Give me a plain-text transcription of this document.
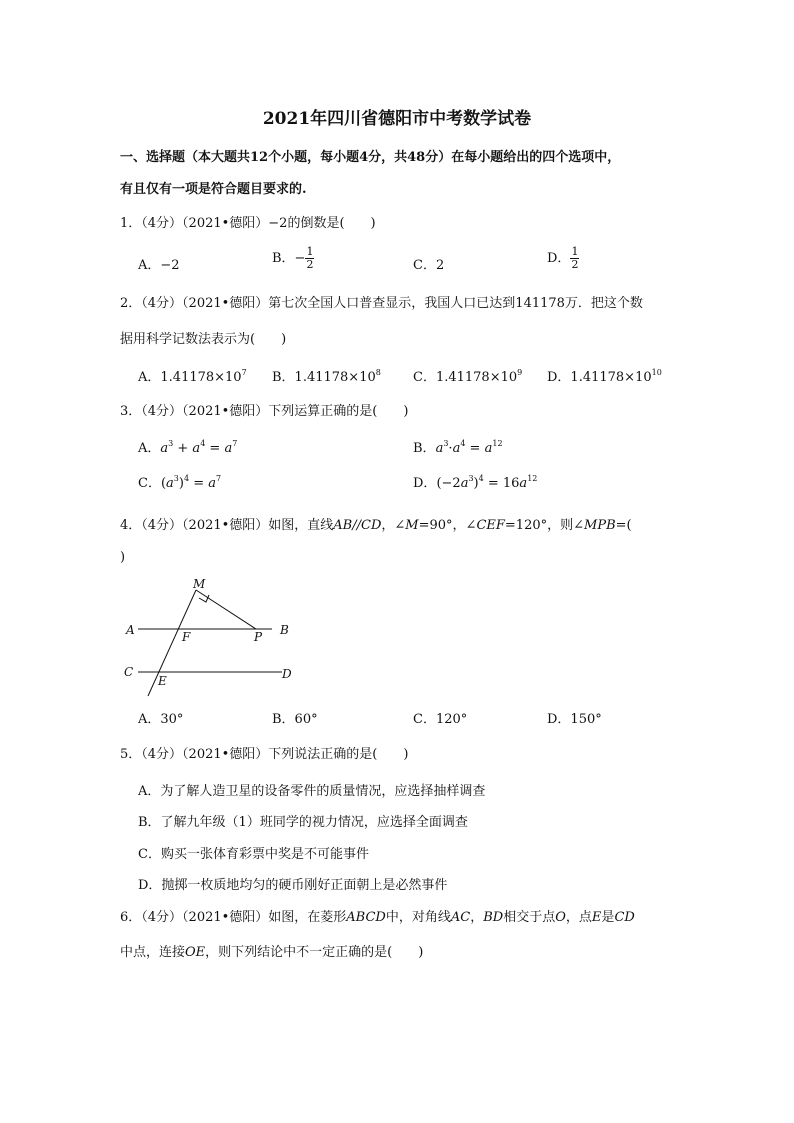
2021年四川省德阳市中考数学试卷
一、选择题（本大题共12个小题，每小题4分，共48分）在每小题给出的四个选项中，
有且仅有一项是符合题目要求的.
1．（4分）（2021•德阳）−2的倒数是(　　)
A．−2	B．− $\frac{1}{2}$	C．2	D． $\frac{1}{2}$
2．（4分）（2021•德阳）第七次全国人口普查显示，我国人口已达到141178万．把这个数
据用科学记数法表示为(　　)
A．$1.41178\times 10^7$ B．$1.41178\times 10^8$ C．$1.41178\times 10^9$ D．$1.41178\times 10^{10}$
3．（4分）（2021•德阳）下列运算正确的是(　　)
A．$a^3 + a^4 = a^7$	B．$a^3\cdot a^4 = a^{12}$
C．$(a^3)^4 = a^7$	D．$(-2a^3)^4 = 16a^{12}$
4．（4分）（2021•德阳）如图，直线AB//CD，∠M=90°，∠CEF=120°，则∠MPB=(
)
M
A	F	P B
C
E	D
A．30°	B．60°	C．120°	D．150°
5．（4分）（2021•德阳）下列说法正确的是(　　)
A．为了解人造卫星的设备零件的质量情况，应选择抽样调查
B．了解九年级（1）班同学的视力情况，应选择全面调查
C．购买一张体育彩票中奖是不可能事件
D．抛掷一枚质地均匀的硬币刚好正面朝上是必然事件
6．（4分）（2021•德阳）如图，在菱形ABCD中，对角线AC，BD相交于点O，点E是CD
中点，连接OE，则下列结论中不一定正确的是(　　)
